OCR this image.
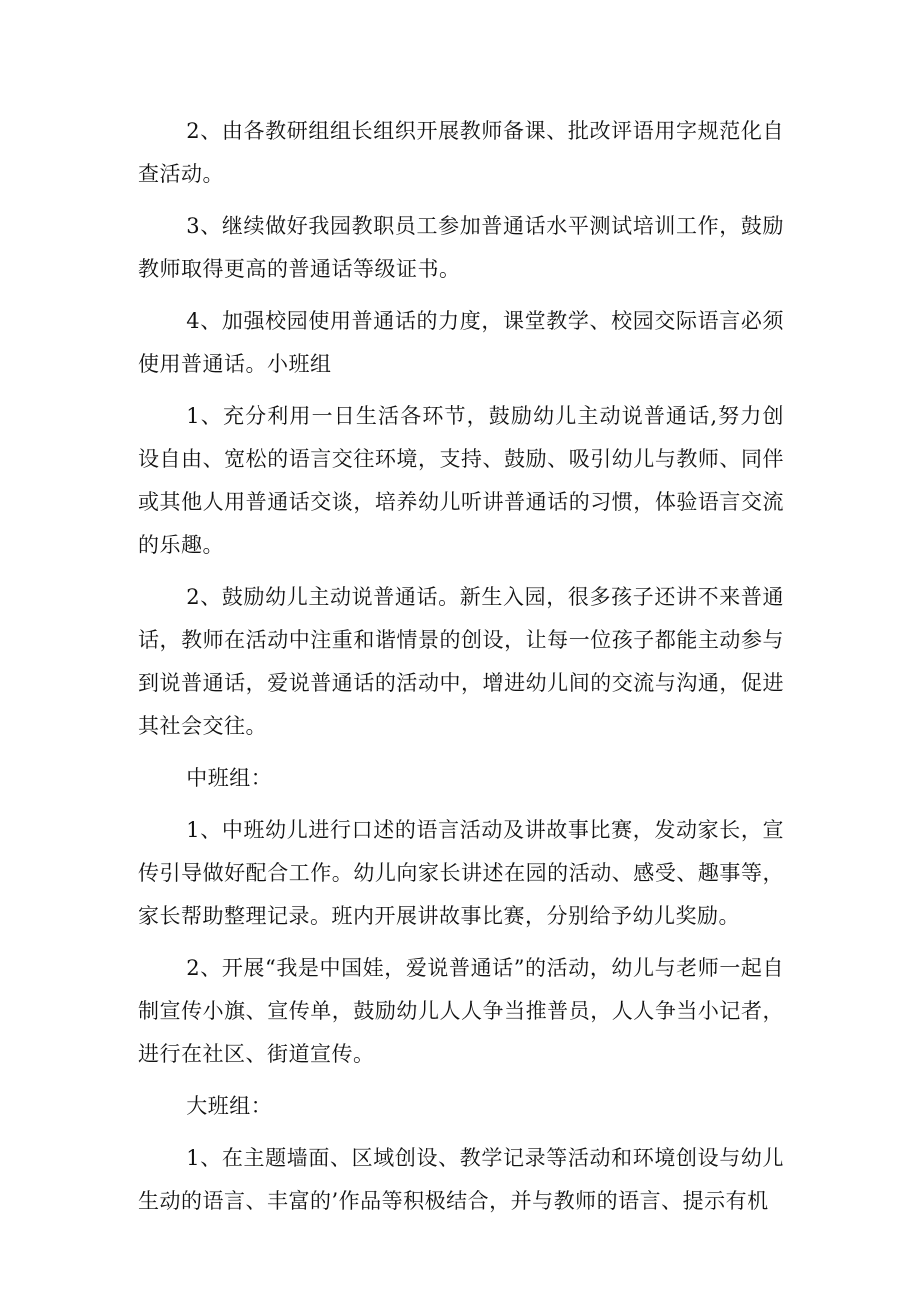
2、由各教研组组长组织开展教师备课、批改评语用字规范化自查活动。

3、继续做好我园教职员工参加普通话水平测试培训工作，鼓励教师取得更高的普通话等级证书。

4、加强校园使用普通话的力度，课堂教学、校园交际语言必须使用普通话。小班组

1、充分利用一日生活各环节，鼓励幼儿主动说普通话,努力创设自由、宽松的语言交往环境，支持、鼓励、吸引幼儿与教师、同伴或其他人用普通话交谈，培养幼儿听讲普通话的习惯，体验语言交流的乐趣。

2、鼓励幼儿主动说普通话。新生入园，很多孩子还讲不来普通话，教师在活动中注重和谐情景的创设，让每一位孩子都能主动参与到说普通话，爱说普通话的活动中，增进幼儿间的交流与沟通，促进其社会交往。

中班组：

1、中班幼儿进行口述的语言活动及讲故事比赛，发动家长，宣传引导做好配合工作。幼儿向家长讲述在园的活动、感受、趣事等，家长帮助整理记录。班内开展讲故事比赛，分别给予幼儿奖励。

2、开展“我是中国娃，爱说普通话”的活动，幼儿与老师一起自制宣传小旗、宣传单，鼓励幼儿人人争当推普员，人人争当小记者，进行在社区、街道宣传。

大班组：

1、在主题墙面、区域创设、教学记录等活动和环境创设与幼儿生动的语言、丰富的’作品等积极结合，并与教师的语言、提示有机
